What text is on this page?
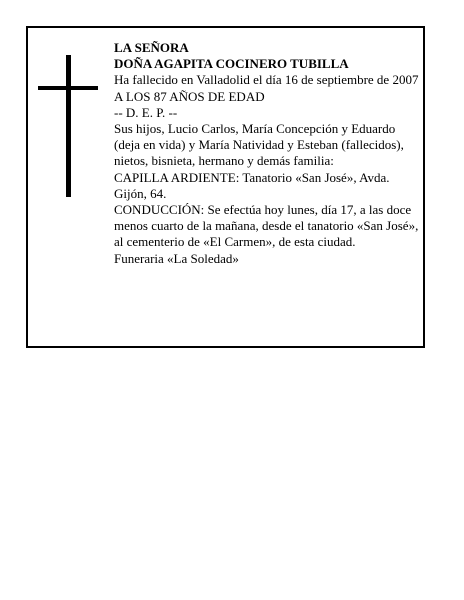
LA SEÑORA

DOÑA AGAPITA COCINERO TUBILLA

Ha fallecido en Valladolid el día 16 de septiembre de 2007

A LOS 87 AÑOS DE EDAD

-- D. E. P. --

Sus hijos, Lucio Carlos, María Concepción y Eduardo (deja en vida) y María Natividad y Esteban (fallecidos), nietos, bisnieta, hermano y demás familia:

CAPILLA ARDIENTE: Tanatorio «San José», Avda. Gijón, 64.

CONDUCCIÓN: Se efectúa hoy lunes, día 17, a las doce menos cuarto de la mañana, desde el tanatorio «San José», al cementerio de «El Carmen», de esta ciudad.

Funeraria «La Soledad»
